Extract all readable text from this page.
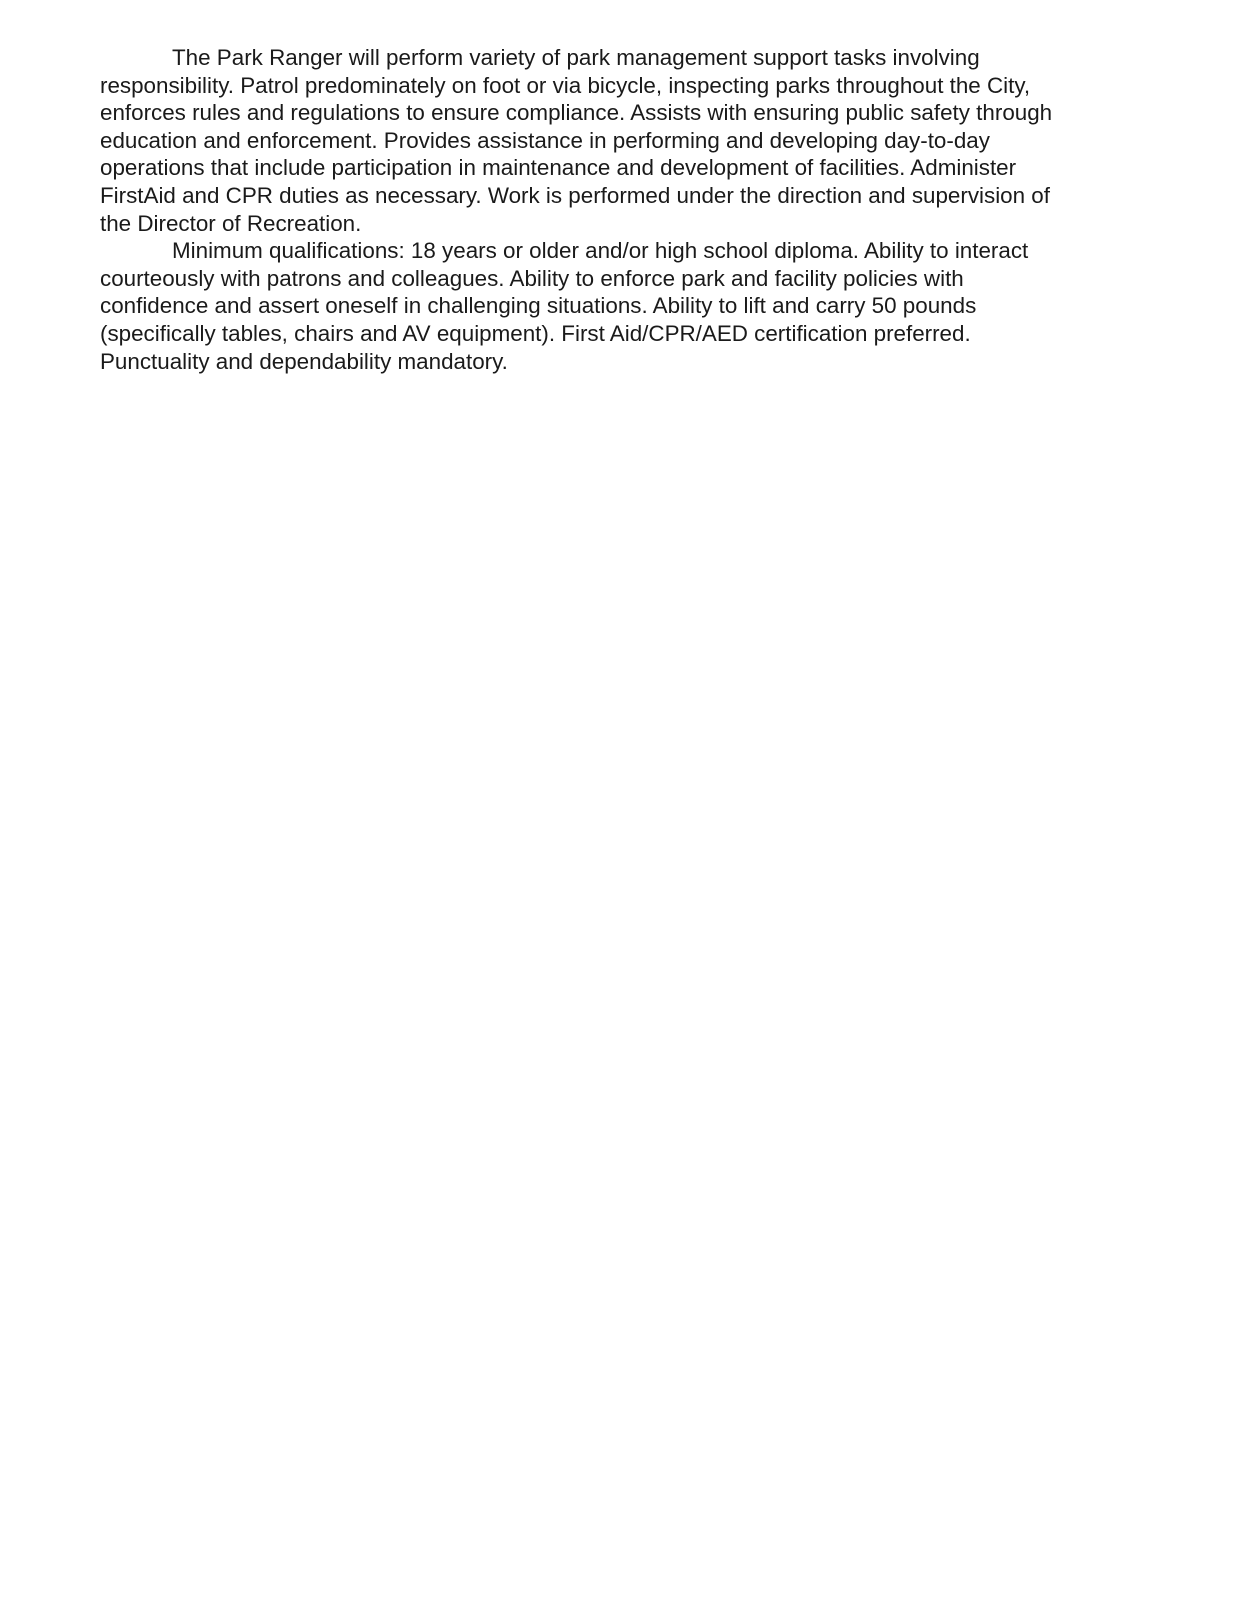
The Park Ranger will perform variety of park management support tasks involving
responsibility. Patrol predominately on foot or via bicycle, inspecting parks throughout the City,
enforces rules and regulations to ensure compliance. Assists with ensuring public safety through
education and enforcement. Provides assistance in performing and developing day-to-day
operations that include participation in maintenance and development of facilities. Administer
FirstAid and CPR duties as necessary. Work is performed under the direction and supervision of
the Director of Recreation.

Minimum qualifications: 18 years or older and/or high school diploma. Ability to interact
courteously with patrons and colleagues. Ability to enforce park and facility policies with
confidence and assert oneself in challenging situations. Ability to lift and carry 50 pounds
(specifically tables, chairs and AV equipment). First Aid/CPR/AED certification preferred.
Punctuality and dependability mandatory.
